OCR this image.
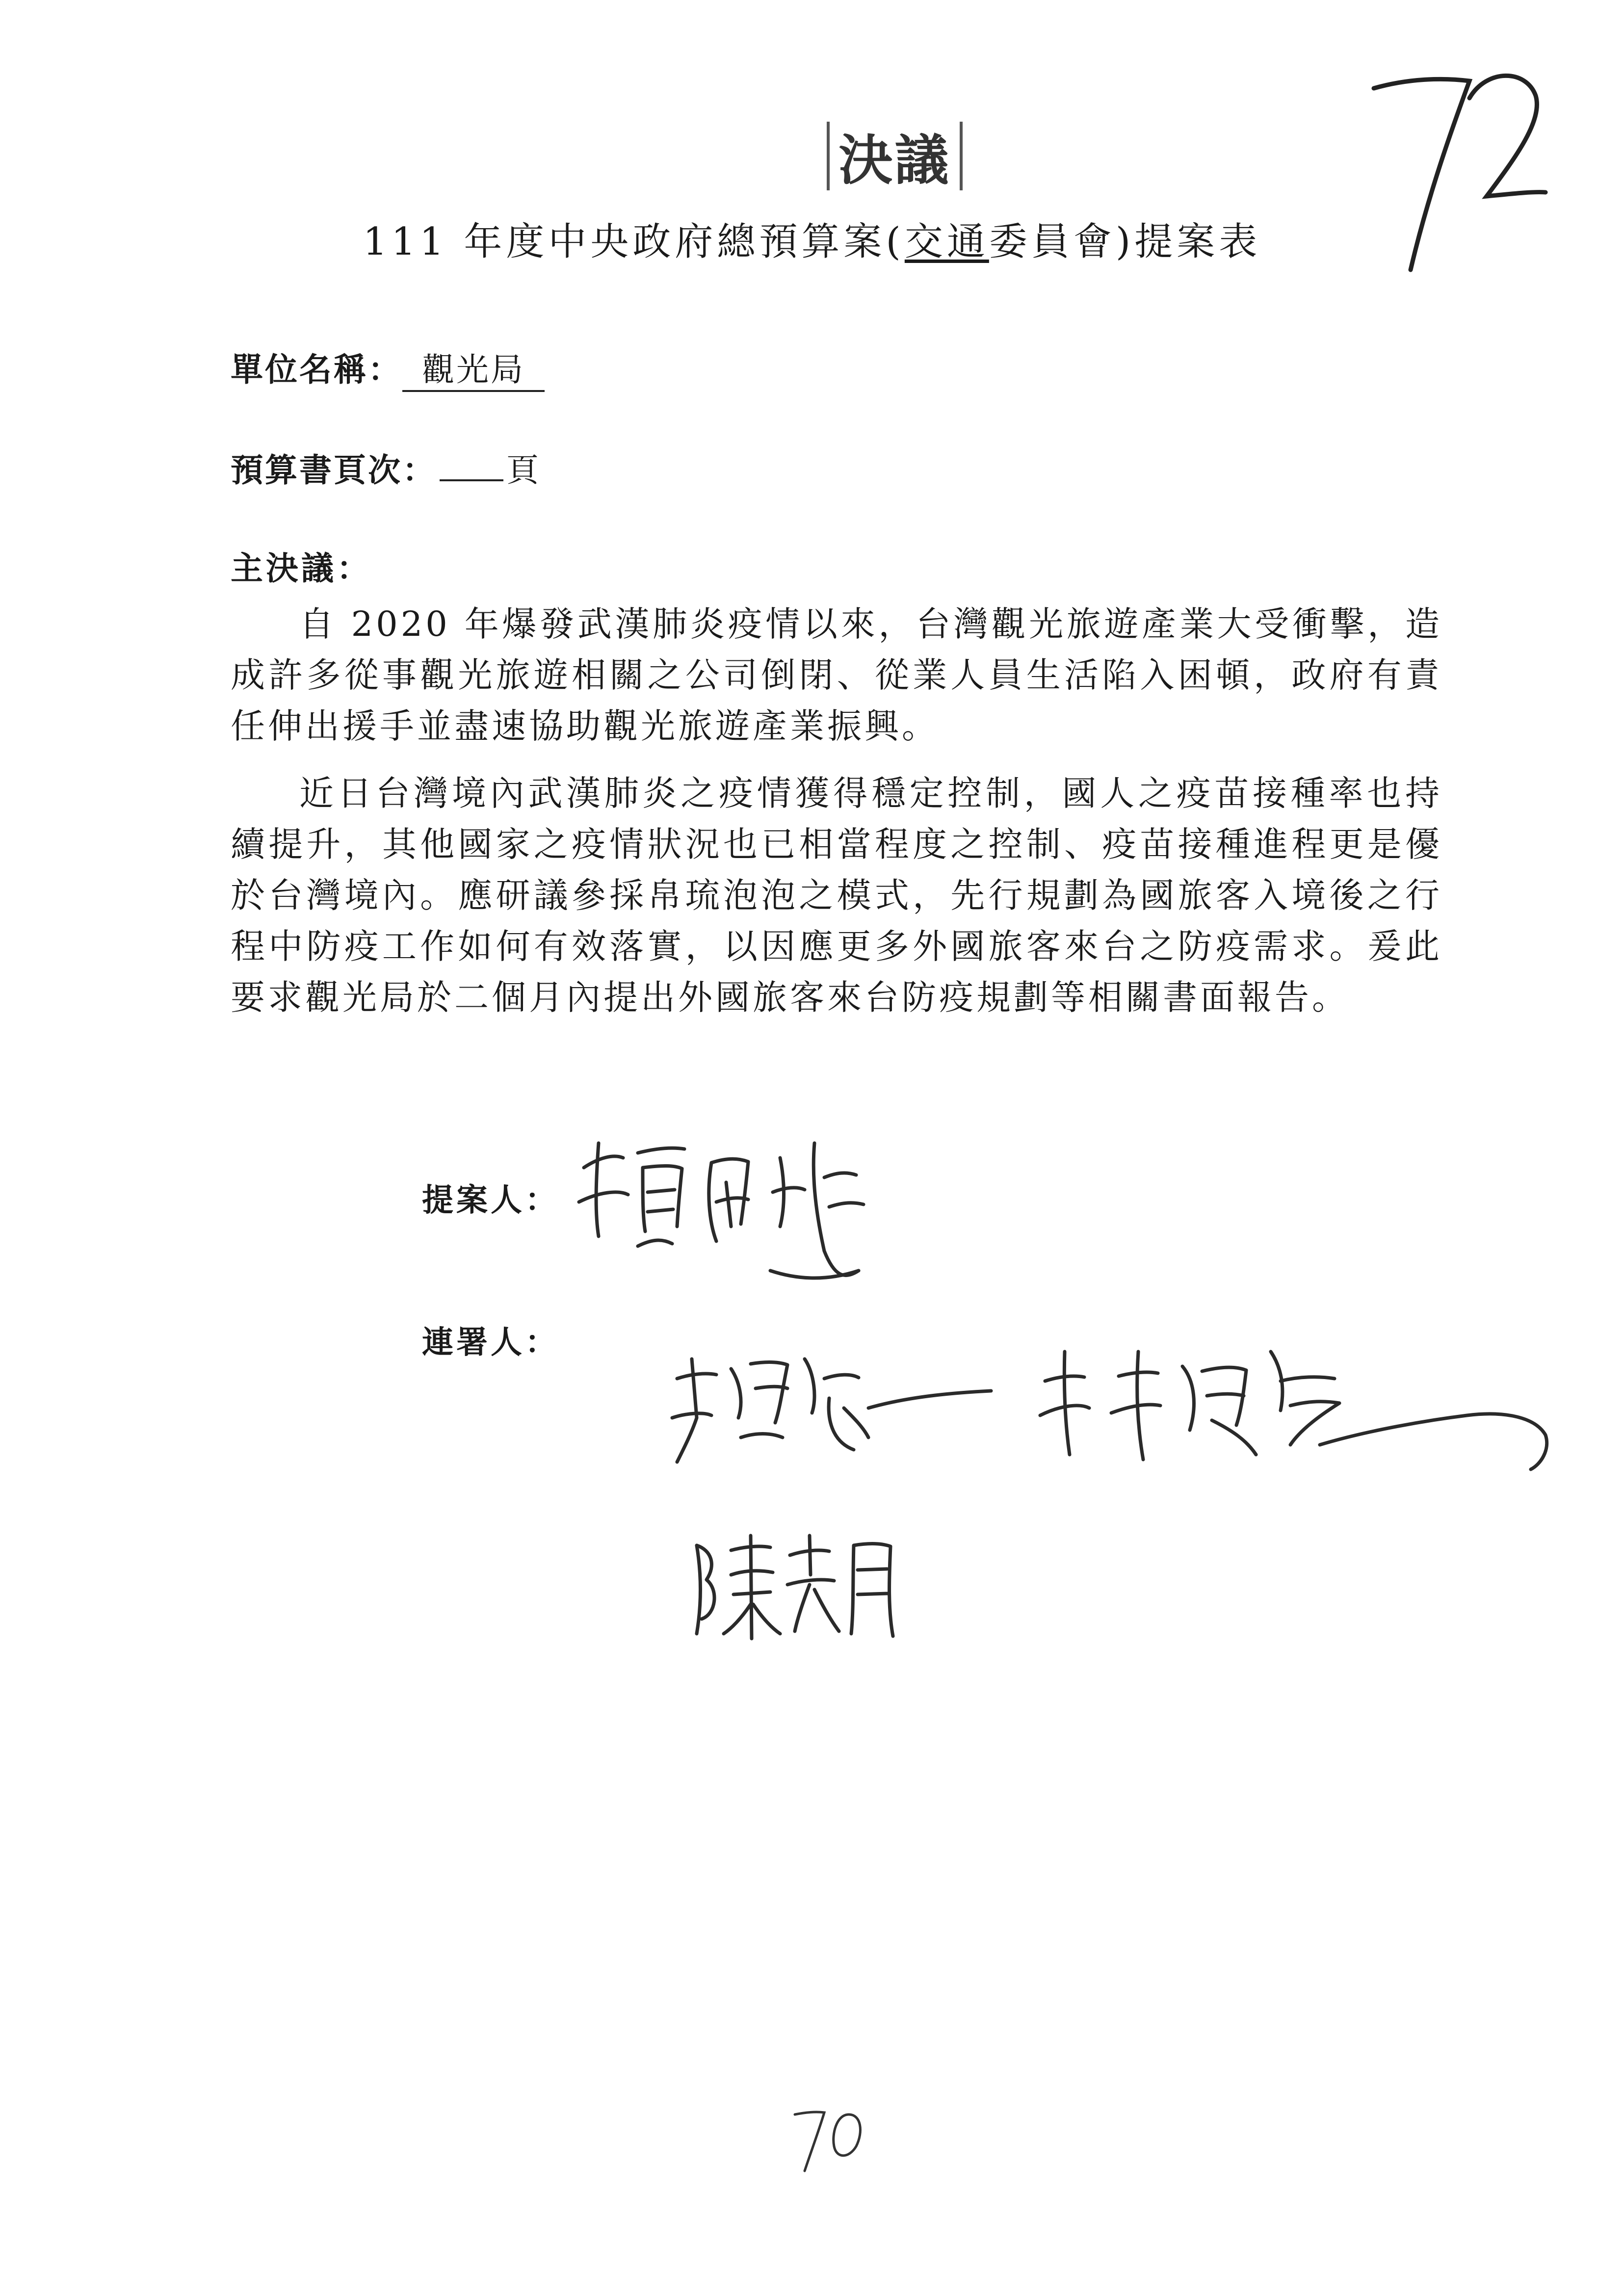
決議
111 年度中央政府總預算案(交通委員會)提案表
單位名稱： 觀光局
預算書頁次： 頁
主決議：
自 2020 年爆發武漢肺炎疫情以來，台灣觀光旅遊產業大受衝擊，造成許多從事觀光旅遊相關之公司倒閉、從業人員生活陷入困頓，政府有責任伸出援手並盡速協助觀光旅遊產業振興。
近日台灣境內武漢肺炎之疫情獲得穩定控制，國人之疫苗接種率也持續提升，其他國家之疫情狀況也已相當程度之控制、疫苗接種進程更是優於台灣境內。應研議參採帛琉泡泡之模式，先行規劃為國旅客入境後之行程中防疫工作如何有效落實，以因應更多外國旅客來台之防疫需求。爰此要求觀光局於二個月內提出外國旅客來台防疫規劃等相關書面報告。
提案人：
連署人：
